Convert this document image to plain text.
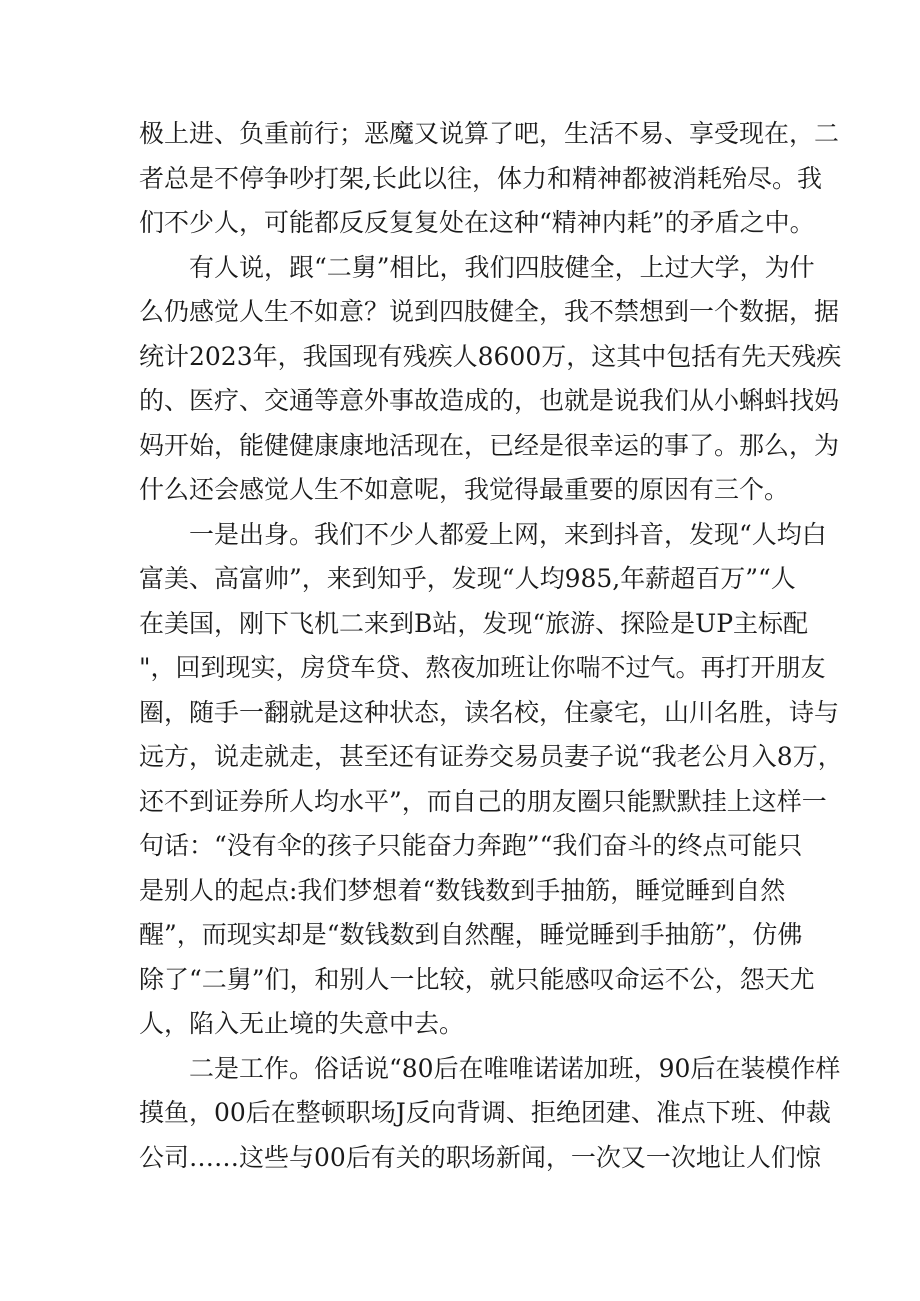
极上进、负重前行；恶魔又说算了吧，生活不易、享受现在，二
者总是不停争吵打架,长此以往，体力和精神都被消耗殆尽。我
们不少人，可能都反反复复处在这种“精神内耗”的矛盾之中。
有人说，跟“二舅”相比，我们四肢健全，上过大学，为什
么仍感觉人生不如意？说到四肢健全，我不禁想到一个数据，据
统计2023年，我国现有残疾人8600万，这其中包括有先天残疾
的、医疗、交通等意外事故造成的，也就是说我们从小蝌蚪找妈
妈开始，能健健康康地活现在，已经是很幸运的事了。那么，为
什么还会感觉人生不如意呢，我觉得最重要的原因有三个。
一是出身。我们不少人都爱上网，来到抖音，发现“人均白
富美、高富帅”，来到知乎，发现“人均985,年薪超百万”“人
在美国，刚下飞机二来到B站，发现“旅游、探险是UP主标配
"，回到现实，房贷车贷、熬夜加班让你喘不过气。再打开朋友
圈，随手一翻就是这种状态，读名校，住豪宅，山川名胜，诗与
远方，说走就走，甚至还有证券交易员妻子说“我老公月入8万，
还不到证券所人均水平”，而自己的朋友圈只能默默挂上这样一
句话：“没有伞的孩子只能奋力奔跑”“我们奋斗的终点可能只
是别人的起点:我们梦想着“数钱数到手抽筋，睡觉睡到自然
醒”，而现实却是“数钱数到自然醒，睡觉睡到手抽筋”，仿佛
除了“二舅”们，和别人一比较，就只能感叹命运不公，怨天尤
人，陷入无止境的失意中去。
二是工作。俗话说“80后在唯唯诺诺加班，90后在装模作样
摸鱼，00后在整顿职场J反向背调、拒绝团建、准点下班、仲裁
公司……这些与00后有关的职场新闻，一次又一次地让人们惊
